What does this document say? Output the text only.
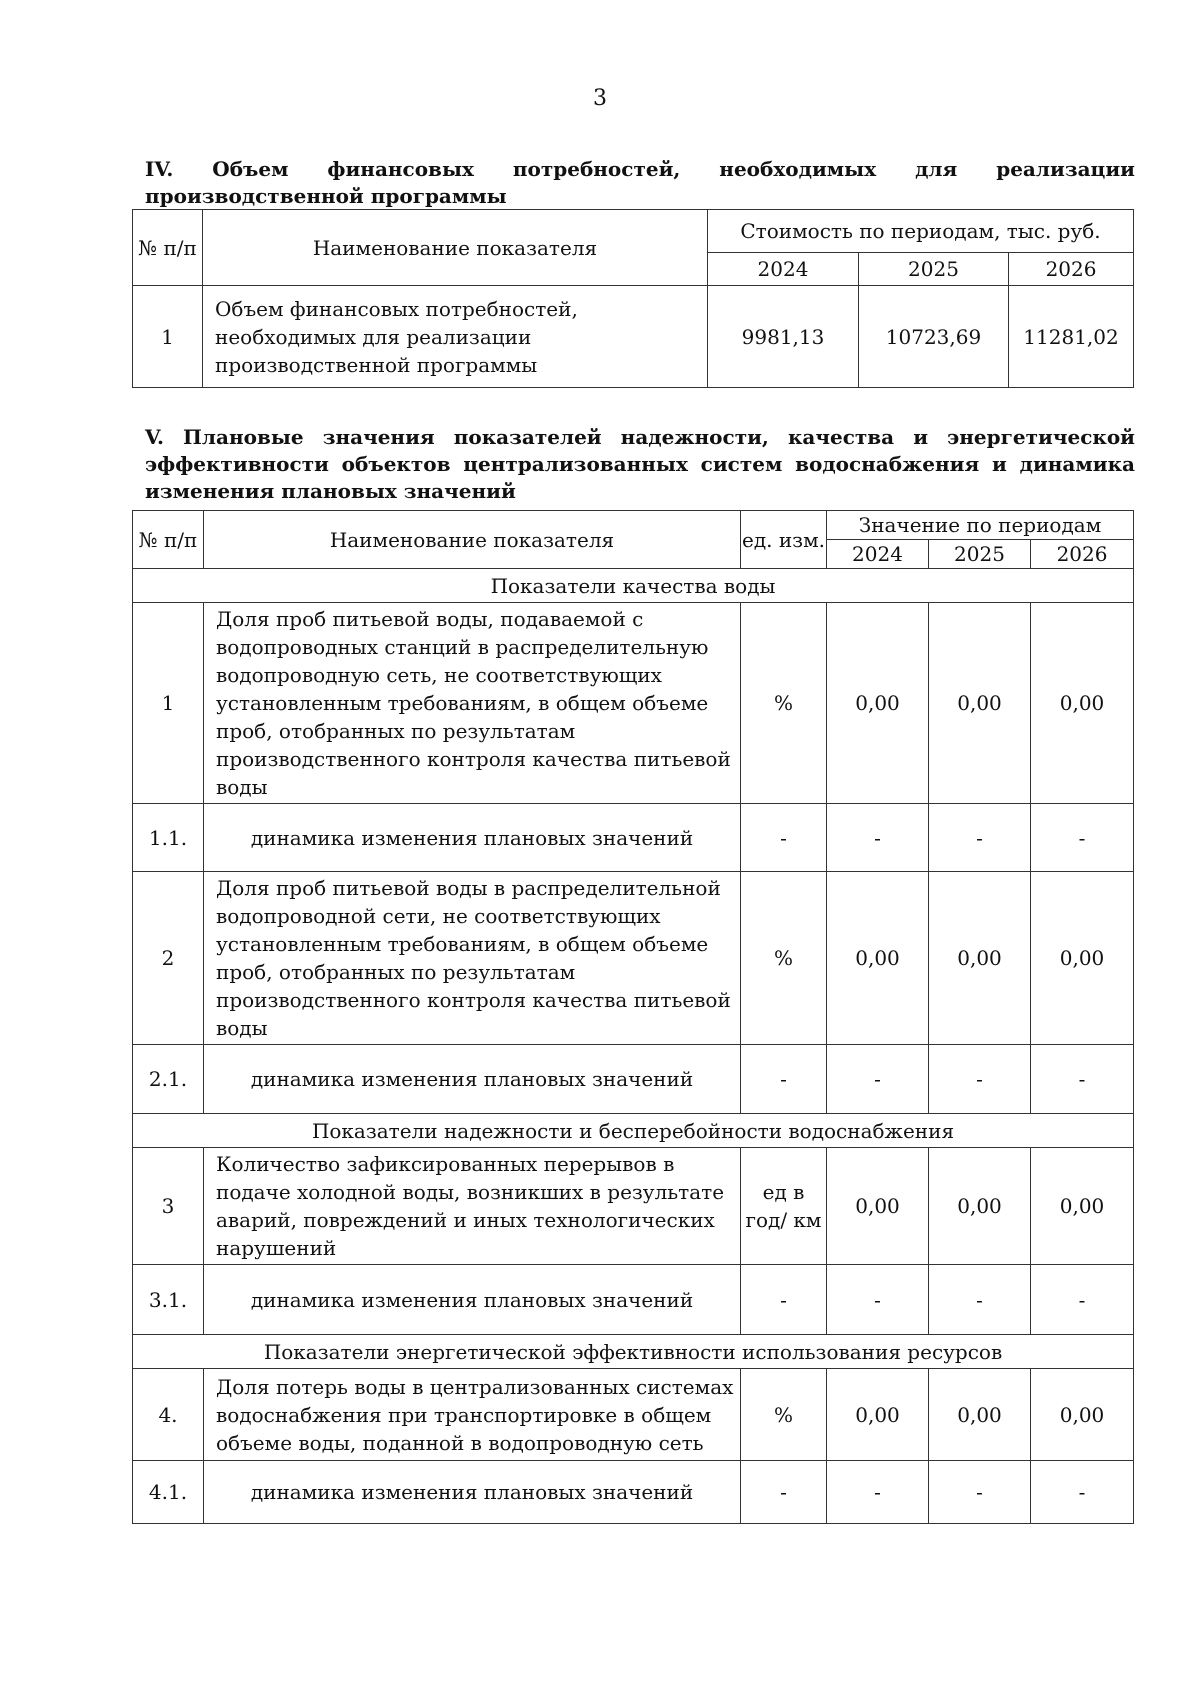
3
IV. Объем финансовых потребностей, необходимых для реализации производственной программы
№ п/п	Наименование показателя	Стоимость по периодам, тыс. руб.		
		2024	2025	2026
1	Объем финансовых потребностей, необходимых для реализации производственной программы	9981,13	10723,69	11281,02
V. Плановые значения показателей надежности, качества и энергетической эффективности объектов централизованных систем водоснабжения и динамика изменения плановых значений
№ п/п	Наименование показателя	ед. изм.	Значение по периодам		
			2024	2025	2026
Показатели качества воды					
1	Доля проб питьевой воды, подаваемой с водопроводных станций в распределительную водопроводную сеть, не соответствующих установленным требованиям, в общем объеме проб, отобранных по результатам производственного контроля качества питьевой воды	%	0,00	0,00	0,00
1.1.	динамика изменения плановых значений	-	-	-	-
2	Доля проб питьевой воды в распределительной водопроводной сети, не соответствующих установленным требованиям, в общем объеме проб, отобранных по результатам производственного контроля качества питьевой воды	%	0,00	0,00	0,00
2.1.	динамика изменения плановых значений	-	-	-	-
Показатели надежности и бесперебойности водоснабжения					
3	Количество зафиксированных перерывов в подаче холодной воды, возникших в результате аварий, повреждений и иных технологических нарушений	ед в год/ км	0,00	0,00	0,00
3.1.	динамика изменения плановых значений	-	-	-	-
Показатели энергетической эффективности использования ресурсов					
4.	Доля потерь воды в централизованных системах водоснабжения при транспортировке в общем объеме воды, поданной в водопроводную сеть	%	0,00	0,00	0,00
4.1.	динамика изменения плановых значений	-	-	-	-
